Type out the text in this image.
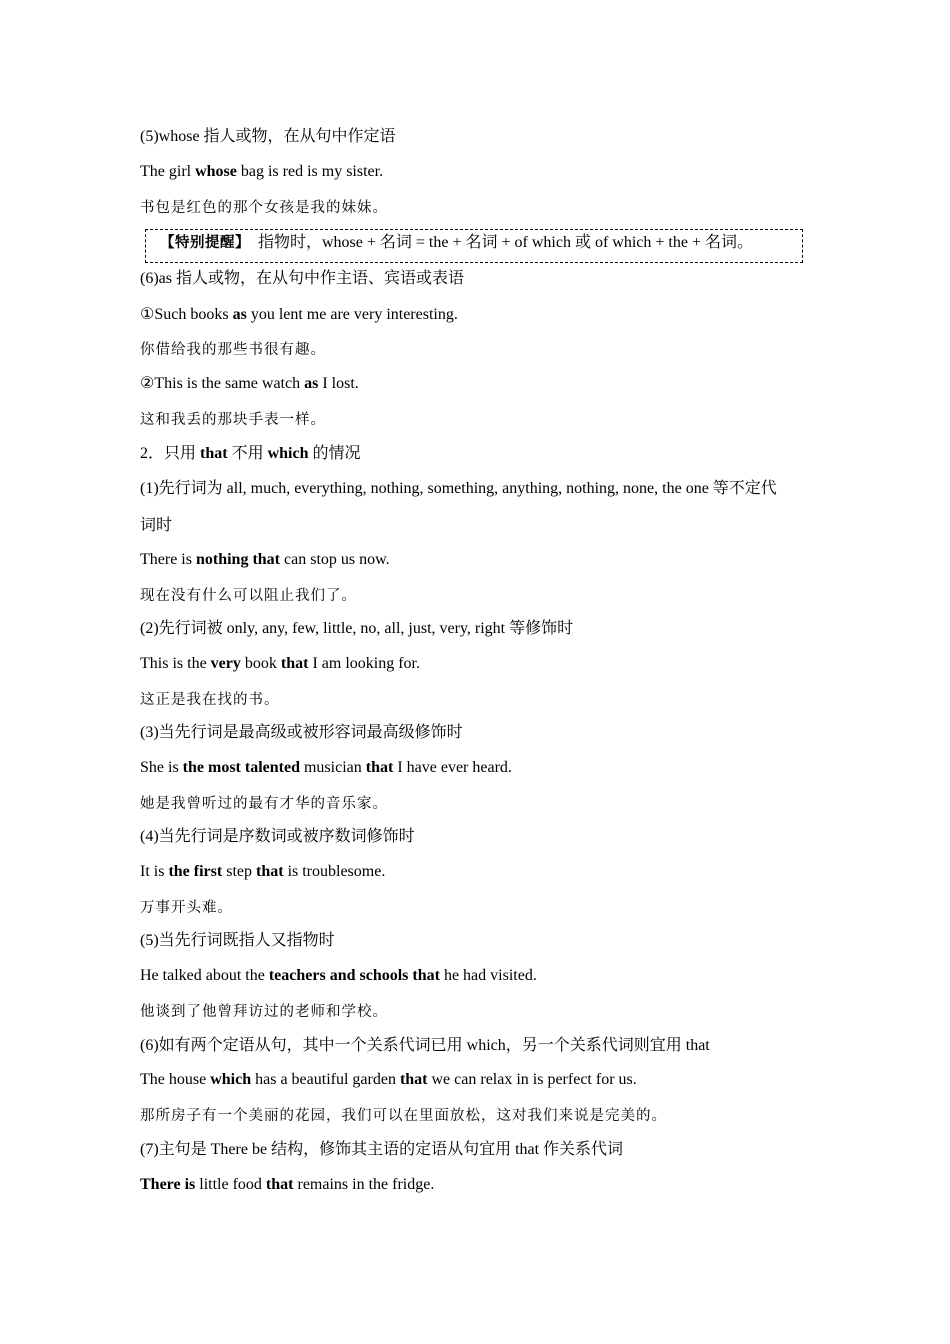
(5)whose 指人或物，在从句中作定语
The girl whose bag is red is my sister.
书包是红色的那个女孩是我的妹妹。
【特别提醒】 指物时，whose + 名词 = the + 名词 + of which 或 of which + the + 名词。
(6)as 指人或物，在从句中作主语、宾语或表语
①Such books as you lent me are very interesting.
你借给我的那些书很有趣。
②This is the same watch as I lost.
这和我丢的那块手表一样。
2．只用 that 不用 which 的情况
(1)先行词为 all, much, everything, nothing, something, anything, nothing, none, the one 等不定代
词时
There is nothing that can stop us now.
现在没有什么可以阻止我们了。
(2)先行词被 only, any, few, little, no, all, just, very, right 等修饰时
This is the very book that I am looking for.
这正是我在找的书。
(3)当先行词是最高级或被形容词最高级修饰时
She is the most talented musician that I have ever heard.
她是我曾听过的最有才华的音乐家。
(4)当先行词是序数词或被序数词修饰时
It is the first step that is troublesome.
万事开头难。
(5)当先行词既指人又指物时
He talked about the teachers and schools that he had visited.
他谈到了他曾拜访过的老师和学校。
(6)如有两个定语从句，其中一个关系代词已用 which，另一个关系代词则宜用 that
The house which has a beautiful garden that we can relax in is perfect for us.
那所房子有一个美丽的花园，我们可以在里面放松，这对我们来说是完美的。
(7)主句是 There be 结构，修饰其主语的定语从句宜用 that 作关系代词
There is little food that remains in the fridge.
